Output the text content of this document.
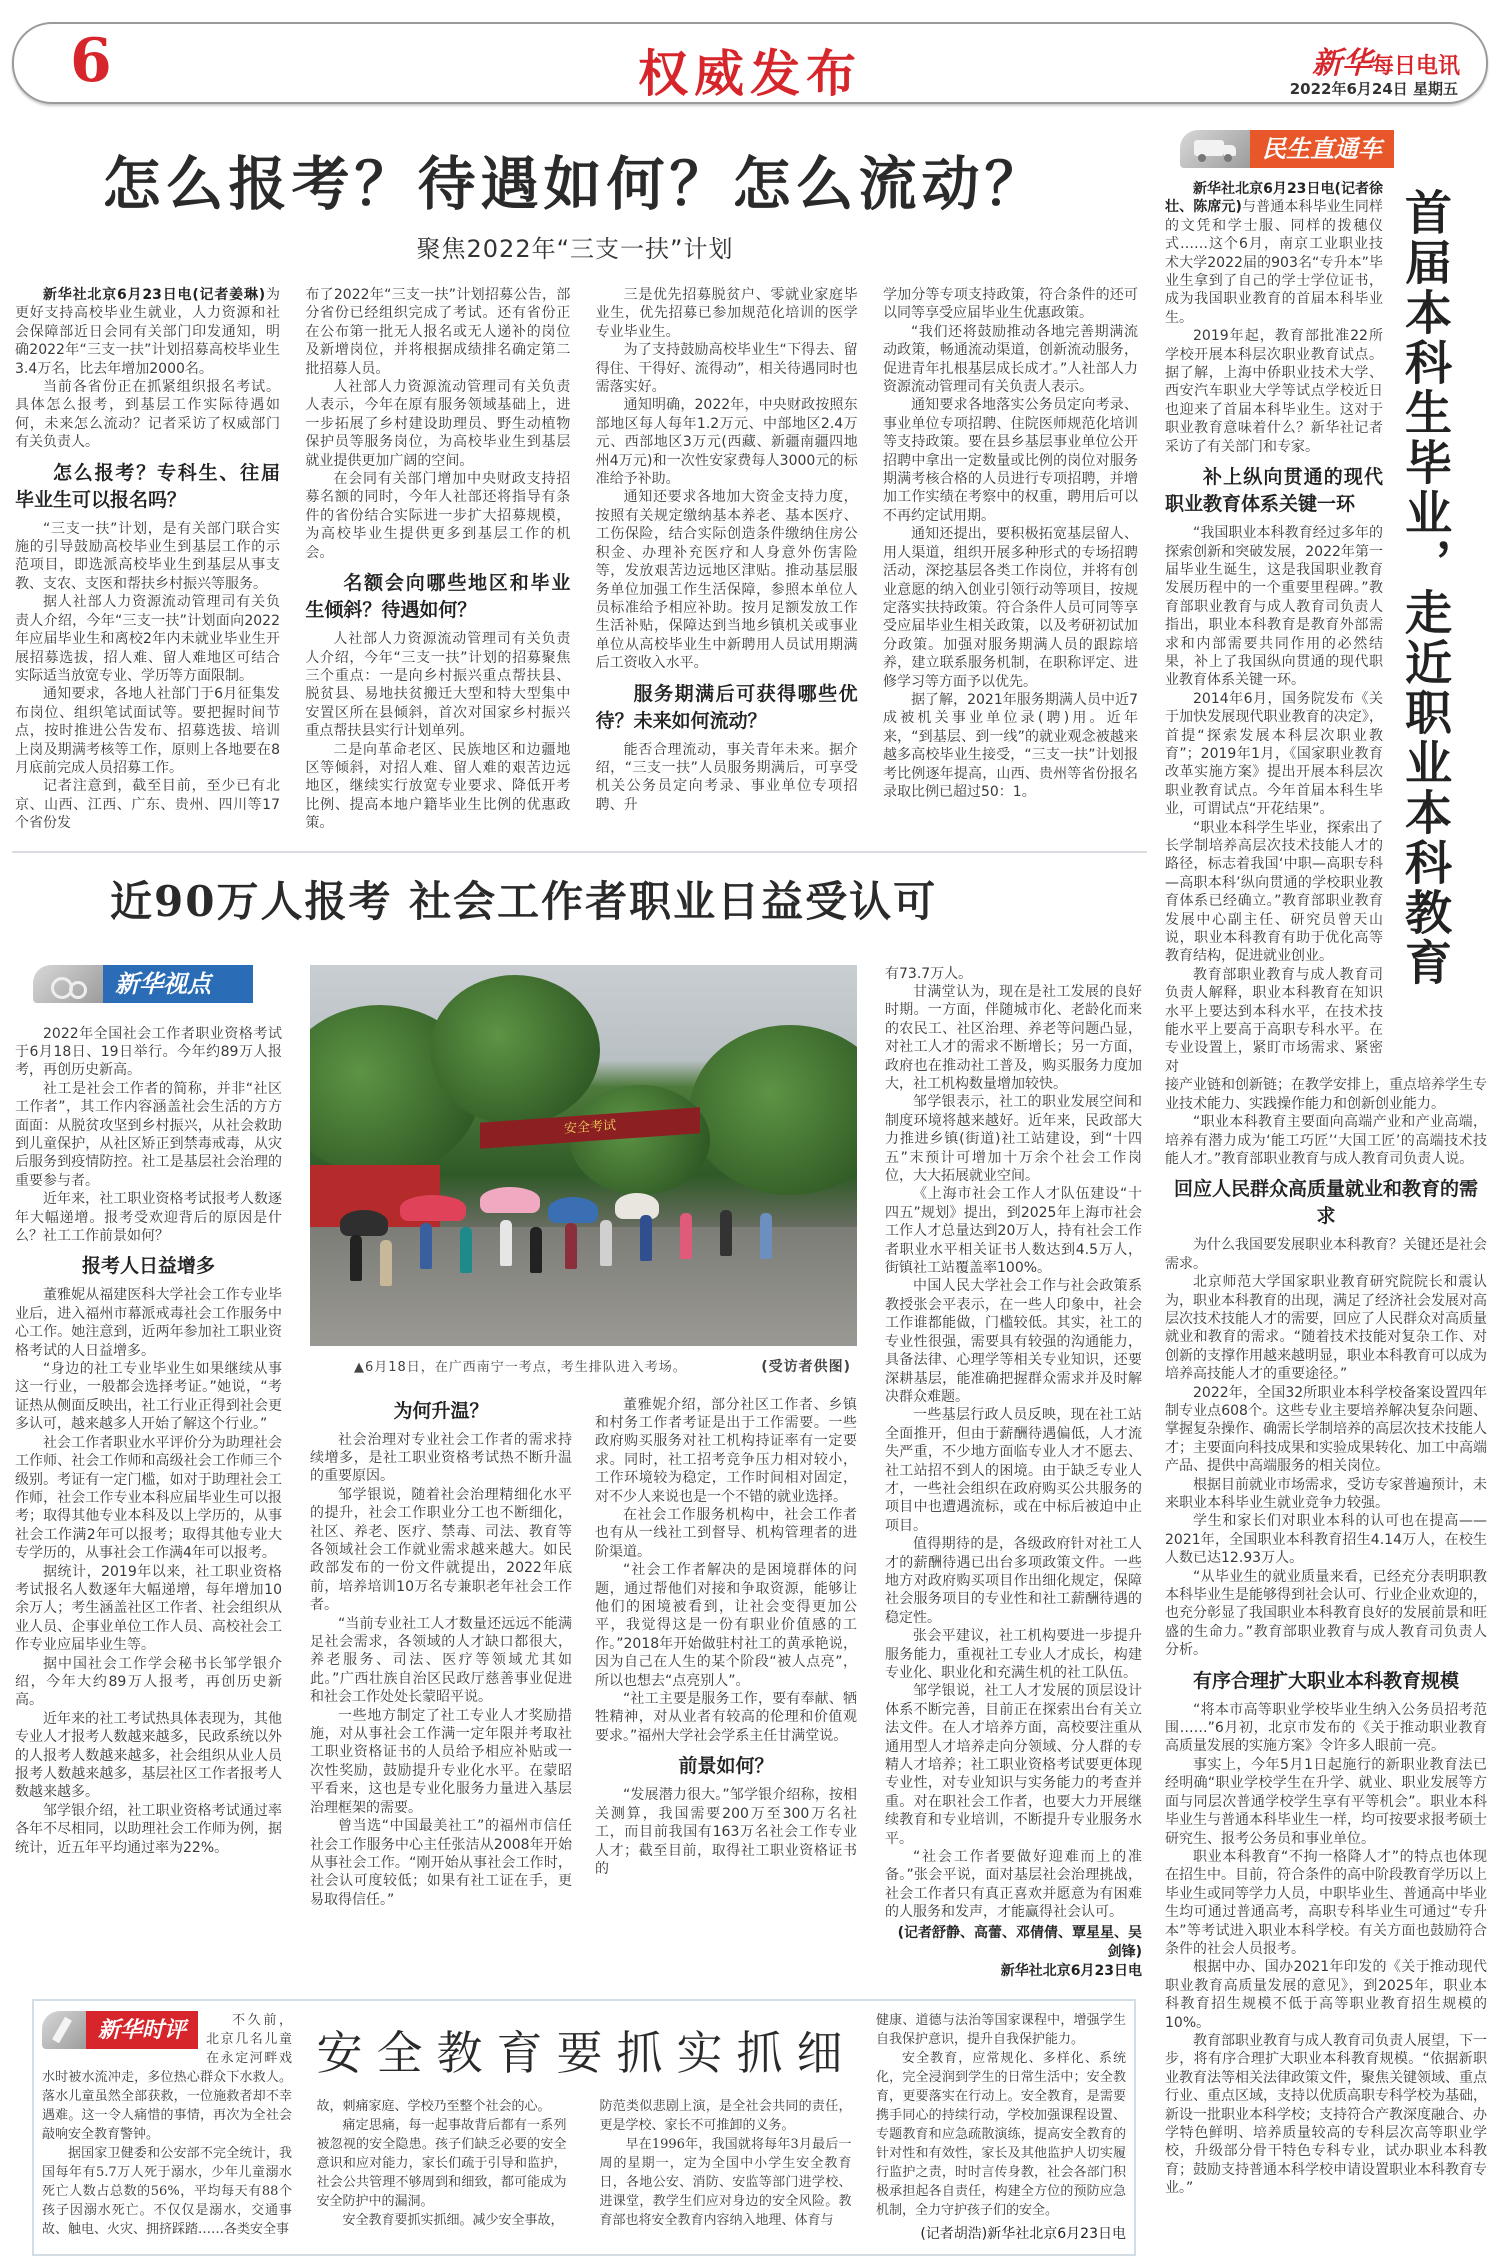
6	权威发布	新华每日电讯
2022年6月24日 星期五
怎么报考？待遇如何？怎么流动？
聚焦2022年“三支一扶”计划

新华社北京6月23日电(记者姜琳)为更好支持高校毕业生就业，人力资源和社会保障部近日会同有关部门印发通知，明确2022年“三支一扶”计划招募高校毕业生3.4万名，比去年增加2000名。

当前各省份正在抓紧组织报名考试。具体怎么报考，到基层工作实际待遇如何，未来怎么流动？记者采访了权威部门有关负责人。

怎么报考？专科生、往届毕业生可以报名吗？

“三支一扶”计划，是有关部门联合实施的引导鼓励高校毕业生到基层工作的示范项目，即选派高校毕业生到基层从事支教、支农、支医和帮扶乡村振兴等服务。

据人社部人力资源流动管理司有关负责人介绍，今年“三支一扶”计划面向2022年应届毕业生和离校2年内未就业毕业生开展招募选拔，招人难、留人难地区可结合实际适当放宽专业、学历等方面限制。

通知要求，各地人社部门于6月征集发布岗位、组织笔试面试等。要把握时间节点，按时推进公告发布、招募选拔、培训上岗及期满考核等工作，原则上各地要在8月底前完成人员招募工作。

记者注意到，截至目前，至少已有北京、山西、江西、广东、贵州、四川等17个省份发

布了2022年“三支一扶”计划招募公告，部分省份已经组织完成了考试。还有省份正在公布第一批无人报名或无人递补的岗位及新增岗位，并将根据成绩排名确定第二批招募人员。

人社部人力资源流动管理司有关负责人表示，今年在原有服务领域基础上，进一步拓展了乡村建设助理员、野生动植物保护员等服务岗位，为高校毕业生到基层就业提供更加广阔的空间。

在会同有关部门增加中央财政支持招募名额的同时，今年人社部还将指导有条件的省份结合实际进一步扩大招募规模，为高校毕业生提供更多到基层工作的机会。

名额会向哪些地区和毕业生倾斜？待遇如何？

人社部人力资源流动管理司有关负责人介绍，今年“三支一扶”计划的招募聚焦三个重点：一是向乡村振兴重点帮扶县、脱贫县、易地扶贫搬迁大型和特大型集中安置区所在县倾斜，首次对国家乡村振兴重点帮扶县实行计划单列。

二是向革命老区、民族地区和边疆地区等倾斜，对招人难、留人难的艰苦边远地区，继续实行放宽专业要求、降低开考比例、提高本地户籍毕业生比例的优惠政策。

三是优先招募脱贫户、零就业家庭毕业生，优先招募已参加规范化培训的医学专业毕业生。

为了支持鼓励高校毕业生“下得去、留得住、干得好、流得动”，相关待遇同时也需落实好。

通知明确，2022年，中央财政按照东部地区每人每年1.2万元、中部地区2.4万元、西部地区3万元(西藏、新疆南疆四地州4万元)和一次性安家费每人3000元的标准给予补助。

通知还要求各地加大资金支持力度，按照有关规定缴纳基本养老、基本医疗、工伤保险，结合实际创造条件缴纳住房公积金、办理补充医疗和人身意外伤害险等，发放艰苦边远地区津贴。推动基层服务单位加强工作生活保障，参照本单位人员标准给予相应补助。按月足额发放工作生活补贴，保障达到当地乡镇机关或事业单位从高校毕业生中新聘用人员试用期满后工资收入水平。

服务期满后可获得哪些优待？未来如何流动？

能否合理流动，事关青年未来。据介绍，“三支一扶”人员服务期满后，可享受机关公务员定向考录、事业单位专项招聘、升

学加分等专项支持政策，符合条件的还可以同等享受应届毕业生优惠政策。

“我们还将鼓励推动各地完善期满流动政策，畅通流动渠道，创新流动服务，促进青年扎根基层成长成才。”人社部人力资源流动管理司有关负责人表示。

通知要求各地落实公务员定向考录、事业单位专项招聘、住院医师规范化培训等支持政策。要在县乡基层事业单位公开招聘中拿出一定数量或比例的岗位对服务期满考核合格的人员进行专项招聘，并增加工作实绩在考察中的权重，聘用后可以不再约定试用期。

通知还提出，要积极拓宽基层留人、用人渠道，组织开展多种形式的专场招聘活动，深挖基层各类工作岗位，并将有创业意愿的纳入创业引领行动等项目，按规定落实扶持政策。符合条件人员可同等享受应届毕业生相关政策，以及考研初试加分政策。加强对服务期满人员的跟踪培养，建立联系服务机制，在职称评定、进修学习等方面予以优先。

据了解，2021年服务期满人员中近7成被机关事业单位录(聘)用。近年来，“到基层、到一线”的就业观念被越来越多高校毕业生接受，“三支一扶”计划报考比例逐年提高，山西、贵州等省份报名录取比例已超过50：1。

近90万人报考 社会工作者职业日益受认可
新华视点

2022年全国社会工作者职业资格考试于6月18日、19日举行。今年约89万人报考，再创历史新高。

社工是社会工作者的简称，并非“社区工作者”，其工作内容涵盖社会生活的方方面面：从脱贫攻坚到乡村振兴，从社会救助到儿童保护，从社区矫正到禁毒戒毒，从灾后服务到疫情防控。社工是基层社会治理的重要参与者。

近年来，社工职业资格考试报考人数逐年大幅递增。报考受欢迎背后的原因是什么？社工工作前景如何？

报考人日益增多

董雅妮从福建医科大学社会工作专业毕业后，进入福州市幕派戒毒社会工作服务中心工作。她注意到，近两年参加社工职业资格考试的人日益增多。

“身边的社工专业毕业生如果继续从事这一行业，一般都会选择考证。”她说，“考证热从侧面反映出，社工行业正得到社会更多认可，越来越多人开始了解这个行业。”

社会工作者职业水平评价分为助理社会工作师、社会工作师和高级社会工作师三个级别。考证有一定门槛，如对于助理社会工作师，社会工作专业本科应届毕业生可以报考；取得其他专业本科及以上学历的，从事社会工作满2年可以报考；取得其他专业大专学历的，从事社会工作满4年可以报考。

据统计，2019年以来，社工职业资格考试报名人数逐年大幅递增，每年增加10余万人；考生涵盖社区工作者、社会组织从业人员、企事业单位工作人员、高校社会工作专业应届毕业生等。

据中国社会工作学会秘书长邹学银介绍，今年大约89万人报考，再创历史新高。

近年来的社工考试热具体表现为，其他专业人才报考人数越来越多，民政系统以外的人报考人数越来越多，社会组织从业人员报考人数越来越多，基层社区工作者报考人数越来越多。

邹学银介绍，社工职业资格考试通过率各年不尽相同，以助理社会工作师为例，据统计，近五年平均通过率为22%。

安全考试
▲6月18日，在广西南宁一考点，考生排队进入考场。	(受访者供图)
为何升温？

社会治理对专业社会工作者的需求持续增多，是社工职业资格考试热不断升温的重要原因。

邹学银说，随着社会治理精细化水平的提升，社会工作职业分工也不断细化，社区、养老、医疗、禁毒、司法、教育等各领域社会工作就业需求越来越大。如民政部发布的一份文件就提出，2022年底前，培养培训10万名专兼职老年社会工作者。

“当前专业社工人才数量还远远不能满足社会需求，各领域的人才缺口都很大，养老服务、司法、医疗等领域尤其如此。”广西壮族自治区民政厅慈善事业促进和社会工作处处长蒙昭平说。

一些地方制定了社工专业人才奖励措施，对从事社会工作满一定年限并考取社工职业资格证书的人员给予相应补贴或一次性奖励，鼓励提升专业化水平。在蒙昭平看来，这也是专业化服务力量进入基层治理框架的需要。

曾当选“中国最美社工”的福州市信任社会工作服务中心主任张洁从2008年开始从事社会工作。“刚开始从事社会工作时，社会认可度较低；如果有社工证在手，更易取得信任。”

董雅妮介绍，部分社区工作者、乡镇和村务工作者考证是出于工作需要。一些政府购买服务对社工机构持证率有一定要求。同时，社工招考竞争压力相对较小，工作环境较为稳定，工作时间相对固定，对不少人来说也是一个不错的就业选择。

在社会工作服务机构中，社会工作者也有从一线社工到督导、机构管理者的进阶渠道。

“社会工作者解决的是困境群体的问题，通过帮他们对接和争取资源，能够让他们的困境被看到，让社会变得更加公平，我觉得这是一份有职业价值感的工作。”2018年开始做驻村社工的黄承艳说，因为自己在人生的某个阶段“被人点亮”，所以也想去“点亮别人”。

“社工主要是服务工作，要有奉献、牺牲精神，对从业者有较高的伦理和价值观要求。”福州大学社会学系主任甘满堂说。

前景如何？

“发展潜力很大。”邹学银介绍称，按相关测算，我国需要200万至300万名社工，而目前我国有163万名社会工作专业人才；截至目前，取得社工职业资格证书的

有73.7万人。

甘满堂认为，现在是社工发展的良好时期。一方面，伴随城市化、老龄化而来的农民工、社区治理、养老等问题凸显，对社工人才的需求不断增长；另一方面，政府也在推动社工普及，购买服务力度加大，社工机构数量增加较快。

邹学银表示，社工的职业发展空间和制度环境将越来越好。近年来，民政部大力推进乡镇(街道)社工站建设，到“十四五”末预计可增加十万余个社会工作岗位，大大拓展就业空间。

《上海市社会工作人才队伍建设“十四五”规划》提出，到2025年上海市社会工作人才总量达到20万人，持有社会工作者职业水平相关证书人数达到4.5万人，街镇社工站覆盖率100%。

中国人民大学社会工作与社会政策系教授张会平表示，在一些人印象中，社会工作谁都能做，门槛较低。其实，社工的专业性很强，需要具有较强的沟通能力，具备法律、心理学等相关专业知识，还要深耕基层，能准确把握群众需求并及时解决群众难题。

一些基层行政人员反映，现在社工站全面推开，但由于薪酬待遇偏低，人才流失严重，不少地方面临专业人才不愿去、社工站招不到人的困境。由于缺乏专业人才，一些社会组织在政府购买公共服务的项目中也遭遇流标，或在中标后被迫中止项目。

值得期待的是，各级政府针对社工人才的薪酬待遇已出台多项政策文件。一些地方对政府购买项目作出细化规定，保障社会服务项目的专业性和社工薪酬待遇的稳定性。

张会平建议，社工机构要进一步提升服务能力，重视社工专业人才成长，构建专业化、职业化和充满生机的社工队伍。

邹学银说，社工人才发展的顶层设计体系不断完善，目前正在探索出台有关立法文件。在人才培养方面，高校要注重从通用型人才培养走向分领域、分人群的专精人才培养；社工职业资格考试要更体现专业性，对专业知识与实务能力的考查并重。对在职社会工作者，也要大力开展继续教育和专业培训，不断提升专业服务水平。

“社会工作者要做好迎难而上的准备。”张会平说，面对基层社会治理挑战，社会工作者只有真正喜欢并愿意为有困难的人服务和发声，才能赢得社会认可。

(记者舒静、高蕾、邓倩倩、覃星星、吴剑锋)
新华社北京6月23日电
新华时评	不久前，北京几名儿童在永定河畔戏水时被水流冲走，多位热心群众下水救人。落水儿童虽然全部获救，一位施救者却不幸遇难。这一令人痛惜的事情，再次为全社会敲响安全教育警钟。

据国家卫健委和公安部不完全统计，我国每年有5.7万人死于溺水，少年儿童溺水死亡人数占总数的56%，平均每天有88个孩子因溺水死亡。不仅仅是溺水，交通事故、触电、火灾、拥挤踩踏……各类安全事

安全教育要抓实抓细

故，刺痛家庭、学校乃至整个社会的心。

痛定思痛，每一起事故背后都有一系列被忽视的安全隐患。孩子们缺乏必要的安全意识和应对能力，家长们疏于引导和监护，社会公共管理不够周到和细致，都可能成为安全防护中的漏洞。

安全教育要抓实抓细。减少安全事故，

防范类似悲剧上演，是全社会共同的责任，更是学校、家长不可推卸的义务。

早在1996年，我国就将每年3月最后一周的星期一，定为全国中小学生安全教育日，各地公安、消防、安监等部门进学校、进课堂，教学生们应对身边的安全风险。教育部也将安全教育内容纳入地理、体育与

健康、道德与法治等国家课程中，增强学生自我保护意识，提升自我保护能力。

安全教育，应常规化、多样化、系统化，完全浸润到学生的日常生活中；安全教育，更要落实在行动上。安全教育，是需要携手同心的持续行动，学校加强课程设置、专题教育和应急疏散演练，提高安全教育的针对性和有效性，家长及其他监护人切实履行监护之责，时时言传身教，社会各部门积极承担起各自责任，构建全方位的预防应急机制，全力守护孩子们的安全。

(记者胡浩)新华社北京6月23日电
民生直通车

新华社北京6月23日电(记者徐壮、陈席元)与普通本科毕业生同样的文凭和学士服、同样的拨穗仪式……这个6月，南京工业职业技术大学2022届的903名“专升本”毕业生拿到了自己的学士学位证书，成为我国职业教育的首届本科毕业生。

2019年起，教育部批准22所学校开展本科层次职业教育试点。据了解，上海中侨职业技术大学、西安汽车职业大学等试点学校近日也迎来了首届本科毕业生。这对于职业教育意味着什么？新华社记者采访了有关部门和专家。

补上纵向贯通的现代职业教育体系关键一环

“我国职业本科教育经过多年的探索创新和突破发展，2022年第一届毕业生诞生，这是我国职业教育发展历程中的一个重要里程碑。”教育部职业教育与成人教育司负责人指出，职业本科教育是教育外部需求和内部需要共同作用的必然结果，补上了我国纵向贯通的现代职业教育体系关键一环。

2014年6月，国务院发布《关于加快发展现代职业教育的决定》，首提“探索发展本科层次职业教育”；2019年1月，《国家职业教育改革实施方案》提出开展本科层次职业教育试点。今年首届本科生毕业，可谓试点“开花结果”。

“职业本科学生毕业，探索出了长学制培养高层次技术技能人才的路径，标志着我国‘中职—高职专科—高职本科’纵向贯通的学校职业教育体系已经确立。”教育部职业教育发展中心副主任、研究员曾天山说，职业本科教育有助于优化高等教育结构，促进就业创业。

教育部职业教育与成人教育司负责人解释，职业本科教育在知识水平上要达到本科水平，在技术技能水平上要高于高职专科水平。在专业设置上，紧盯市场需求、紧密对

首届本科生毕业，走近职业本科教育

接产业链和创新链；在教学安排上，重点培养学生专业技术能力、实践操作能力和创新创业能力。

“职业本科教育主要面向高端产业和产业高端，培养有潜力成为‘能工巧匠’‘大国工匠’的高端技术技能人才。”教育部职业教育与成人教育司负责人说。

回应人民群众高质量就业和教育的需求

为什么我国要发展职业本科教育？关键还是社会需求。

北京师范大学国家职业教育研究院院长和震认为，职业本科教育的出现，满足了经济社会发展对高层次技术技能人才的需要，回应了人民群众对高质量就业和教育的需求。“随着技术技能对复杂工作、对创新的支撑作用越来越明显，职业本科教育可以成为培养高技能人才的重要途径。”

2022年，全国32所职业本科学校备案设置四年制专业点608个。这些专业主要培养解决复杂问题、掌握复杂操作、确需长学制培养的高层次技术技能人才；主要面向科技成果和实验成果转化、加工中高端产品、提供中高端服务的相关岗位。

根据目前就业市场需求，受访专家普遍预计，未来职业本科毕业生就业竞争力较强。

学生和家长们对职业本科的认可也在提高——2021年，全国职业本科教育招生4.14万人，在校生人数已达12.93万人。

“从毕业生的就业质量来看，已经充分表明职教本科毕业生是能够得到社会认可、行业企业欢迎的，也充分彰显了我国职业本科教育良好的发展前景和旺盛的生命力。”教育部职业教育与成人教育司负责人分析。

有序合理扩大职业本科教育规模

“将本市高等职业学校毕业生纳入公务员招考范围……”6月初，北京市发布的《关于推动职业教育高质量发展的实施方案》令许多人眼前一亮。

事实上，今年5月1日起施行的新职业教育法已经明确“职业学校学生在升学、就业、职业发展等方面与同层次普通学校学生享有平等机会”。职业本科毕业生与普通本科毕业生一样，均可按要求报考硕士研究生、报考公务员和事业单位。

职业本科教育“不拘一格降人才”的特点也体现在招生中。目前，符合条件的高中阶段教育学历以上毕业生或同等学力人员，中职毕业生、普通高中毕业生均可通过普通高考，高职专科毕业生可通过“专升本”等考试进入职业本科学校。有关方面也鼓励符合条件的社会人员报考。

根据中办、国办2021年印发的《关于推动现代职业教育高质量发展的意见》，到2025年，职业本科教育招生规模不低于高等职业教育招生规模的10%。

教育部职业教育与成人教育司负责人展望，下一步，将有序合理扩大职业本科教育规模。“依据新职业教育法等相关法律政策文件，聚焦关键领域、重点行业、重点区域，支持以优质高职专科学校为基础，新设一批职业本科学校；支持符合产教深度融合、办学特色鲜明、培养质量较高的专科层次高等职业学校，升级部分骨干特色专科专业，试办职业本科教育；鼓励支持普通本科学校申请设置职业本科教育专业。”
